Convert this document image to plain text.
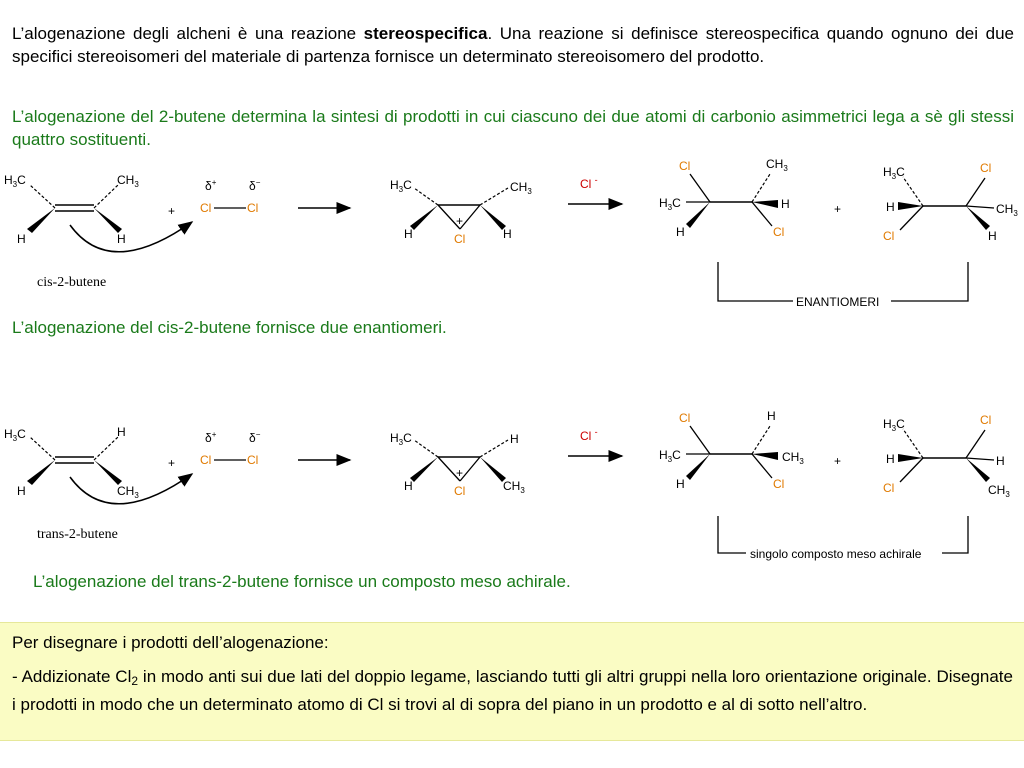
L’alogenazione degli alcheni è una reazione stereospecifica. Una reazione si definisce stereospecifica quando ognuno dei due specifici stereoisomeri del materiale di partenza fornisce un determinato stereoisomero del prodotto.

L’alogenazione del 2-butene determina la sintesi di prodotti in cui ciascuno dei due atomi di carbonio asimmetrici lega a sè gli stessi quattro sostituenti.

$H_3C$	$CH_3$
H	H
+
δ+	δ−
Cl	Cl
$H_3C$	$CH_3$
H	H
+
Cl
Cl -
Cl	$CH_3$
$H_3C$	H
H	Cl
+
$H_3C$	Cl
H	$CH_3$
Cl	H
cis-2-butene
ENANTIOMERI
L’alogenazione del cis-2-butene fornisce due enantiomeri.
$H_3C$	H
H	$CH_3$
+
δ+	δ−
Cl	Cl
$H_3C$	H
H	$CH_3$
+
Cl
Cl -
Cl	H
$H_3C$	$CH_3$
H	Cl
+
$H_3C$	Cl
H	H
Cl	$CH_3$
trans-2-butene
singolo composto meso achirale
L’alogenazione del trans-2-butene fornisce un composto meso achirale.

Per disegnare i prodotti dell’alogenazione:

- Addizionate $Cl_2$ in modo anti sui due lati del doppio legame, lasciando tutti gli altri gruppi nella loro orientazione originale. Disegnate i prodotti in modo che un determinato atomo di Cl si trovi al di sopra del piano in un prodotto e al di sotto nell’altro.
